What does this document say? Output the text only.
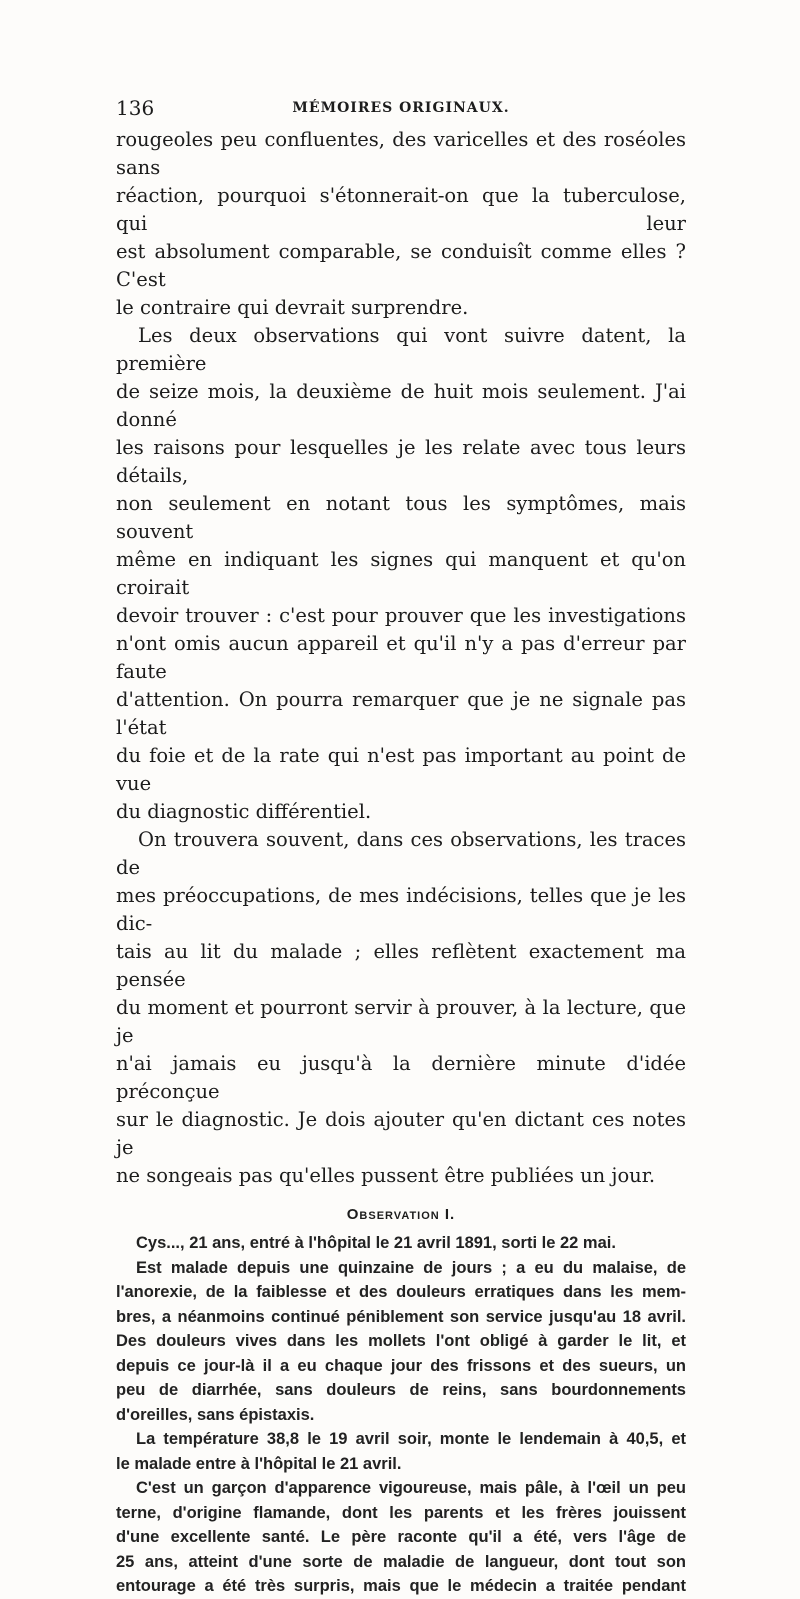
136	MÉMOIRES ORIGINAUX.

rougeoles peu confluentes, des varicelles et des roséoles sans

réaction, pourquoi s'étonnerait-on que la tuberculose, qui leur

est absolument comparable, se conduisît comme elles ? C'est

le contraire qui devrait surprendre.

Les deux observations qui vont suivre datent, la première

de seize mois, la deuxième de huit mois seulement. J'ai donné

les raisons pour lesquelles je les relate avec tous leurs détails,

non seulement en notant tous les symptômes, mais souvent

même en indiquant les signes qui manquent et qu'on croirait

devoir trouver : c'est pour prouver que les investigations

n'ont omis aucun appareil et qu'il n'y a pas d'erreur par faute

d'attention. On pourra remarquer que je ne signale pas l'état

du foie et de la rate qui n'est pas important au point de vue

du diagnostic différentiel.

On trouvera souvent, dans ces observations, les traces de

mes préoccupations, de mes indécisions, telles que je les dic-

tais au lit du malade ; elles reflètent exactement ma pensée

du moment et pourront servir à prouver, à la lecture, que je

n'ai jamais eu jusqu'à la dernière minute d'idée préconçue

sur le diagnostic. Je dois ajouter qu'en dictant ces notes je

ne songeais pas qu'elles pussent être publiées un jour.

Observation I.

Cys..., 21 ans, entré à l'hôpital le 21 avril 1891, sorti le 22 mai.

Est malade depuis une quinzaine de jours ; a eu du malaise, de

l'anorexie, de la faiblesse et des douleurs erratiques dans les mem-

bres, a néanmoins continué péniblement son service jusqu'au 18 avril.

Des douleurs vives dans les mollets l'ont obligé à garder le lit, et

depuis ce jour-là il a eu chaque jour des frissons et des sueurs, un

peu de diarrhée, sans douleurs de reins, sans bourdonnements

d'oreilles, sans épistaxis.

La température 38,8 le 19 avril soir, monte le lendemain à 40,5, et

le malade entre à l'hôpital le 21 avril.

C'est un garçon d'apparence vigoureuse, mais pâle, à l'œil un peu

terne, d'origine flamande, dont les parents et les frères jouissent

d'une excellente santé. Le père raconte qu'il a été, vers l'âge de

25 ans, atteint d'une sorte de maladie de langueur, dont tout son

entourage a été très surpris, mais que le médecin a traitée pendant
